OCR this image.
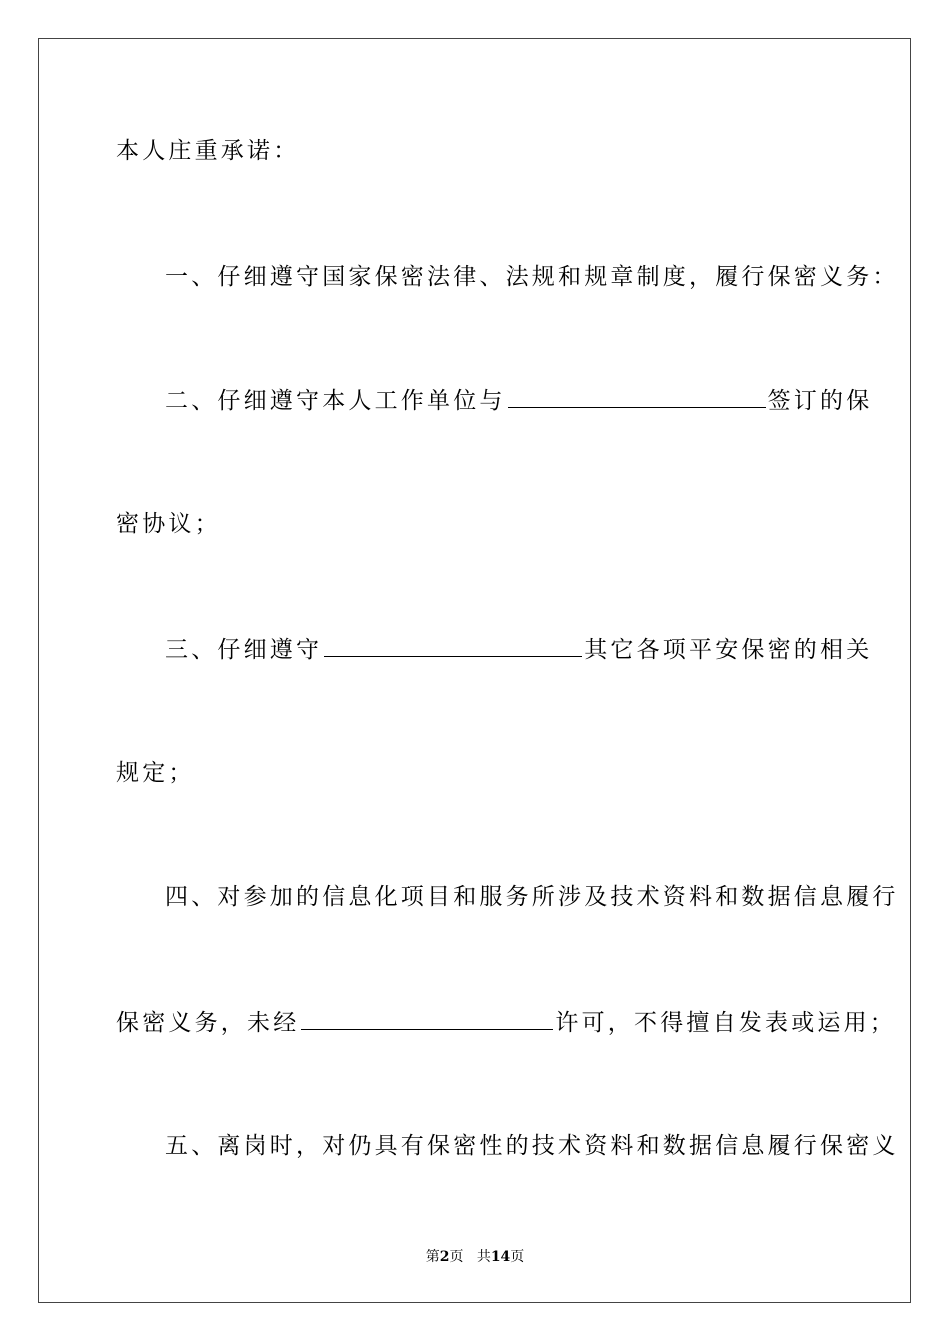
本人庄重承诺：
一、仔细遵守国家保密法律、法规和规章制度，履行保密义务：
二、仔细遵守本人工作单位与	签订的保
密协议；
三、仔细遵守	其它各项平安保密的相关
规定；
四、对参加的信息化项目和服务所涉及技术资料和数据信息履行
保密义务，未经	许可，不得擅自发表或运用；
五、离岗时，对仍具有保密性的技术资料和数据信息履行保密义
第2页 共14页
